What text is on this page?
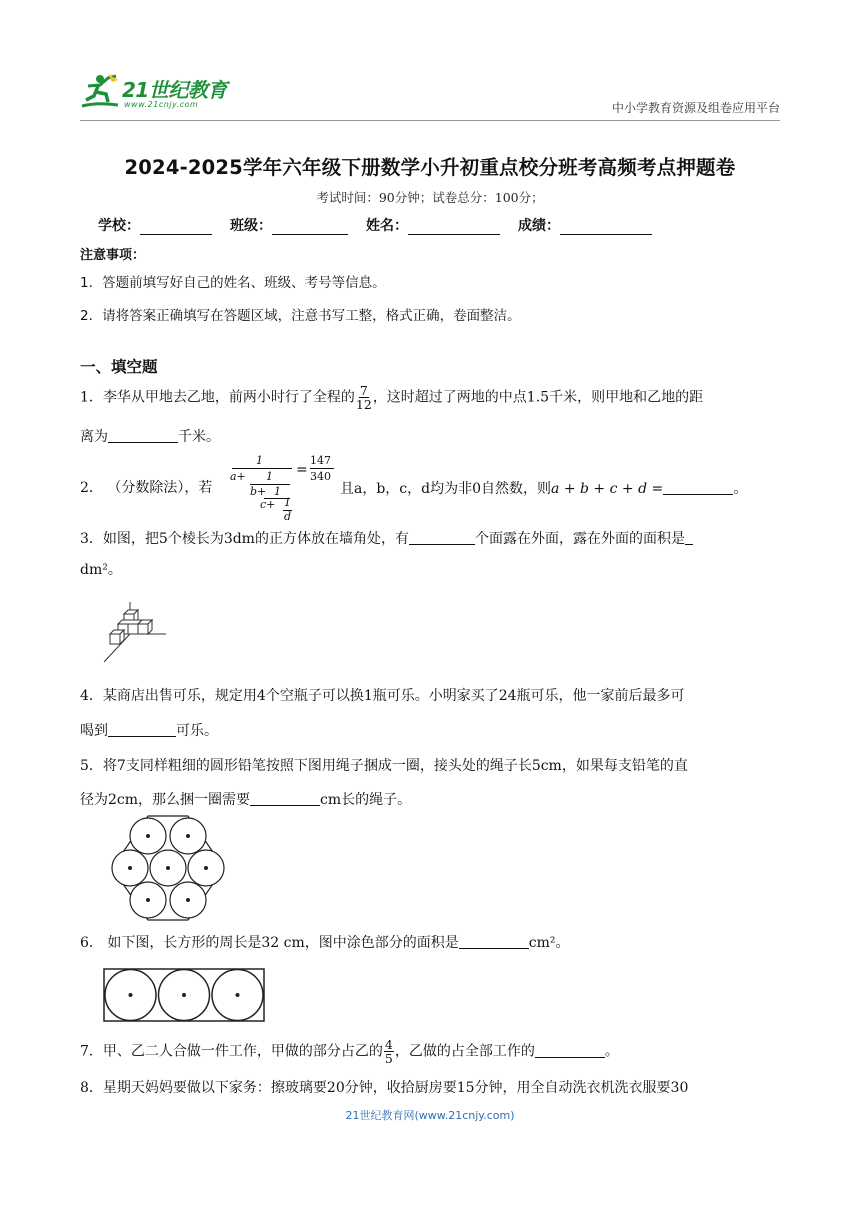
21世纪教育
www.21cnjy.com	中小学教育资源及组卷应用平台
2024-2025学年六年级下册数学小升初重点校分班考高频考点押题卷
考试时间：90分钟；试卷总分：100分；
学校：	班级：	姓名：	成绩：
注意事项：
1．答题前填写好自己的姓名、班级、考号等信息。
2．请将答案正确填写在答题区域，注意书写工整，格式正确，卷面整洁。
一、填空题
1．李华从甲地去乙地，前两小时行了全程的 $\frac{7}{12}$ ，这时超过了两地的中点1.5千米，则甲地和乙地的距
离为	千米。
2． （分数除法），若
1
a+ 1
b+ 1
c+ 1
d
=
147
340
且a，b，c，d均为非0自然数，则a + b + c + d =	。
3．如图，把5个棱长为3dm的正方体放在墙角处，有	个面露在外面，露在外面的面积是
dm²。
4．某商店出售可乐，规定用4个空瓶子可以换1瓶可乐。小明家买了24瓶可乐，他一家前后最多可
喝到	可乐。
5．将7支同样粗细的圆形铅笔按照下图用绳子捆成一圈，接头处的绳子长5cm，如果每支铅笔的直
径为2cm，那么捆一圈需要	cm长的绳子。
6． 如下图，长方形的周长是32 cm，图中涂色部分的面积是	cm²。
7．甲、乙二人合做一件工作，甲做的部分占乙的 $\frac{4}{5}$ ，乙做的占全部工作的	。
8．星期天妈妈要做以下家务：擦玻璃要20分钟，收拾厨房要15分钟，用全自动洗衣机洗衣服要30
21世纪教育网(www.21cnjy.com)
